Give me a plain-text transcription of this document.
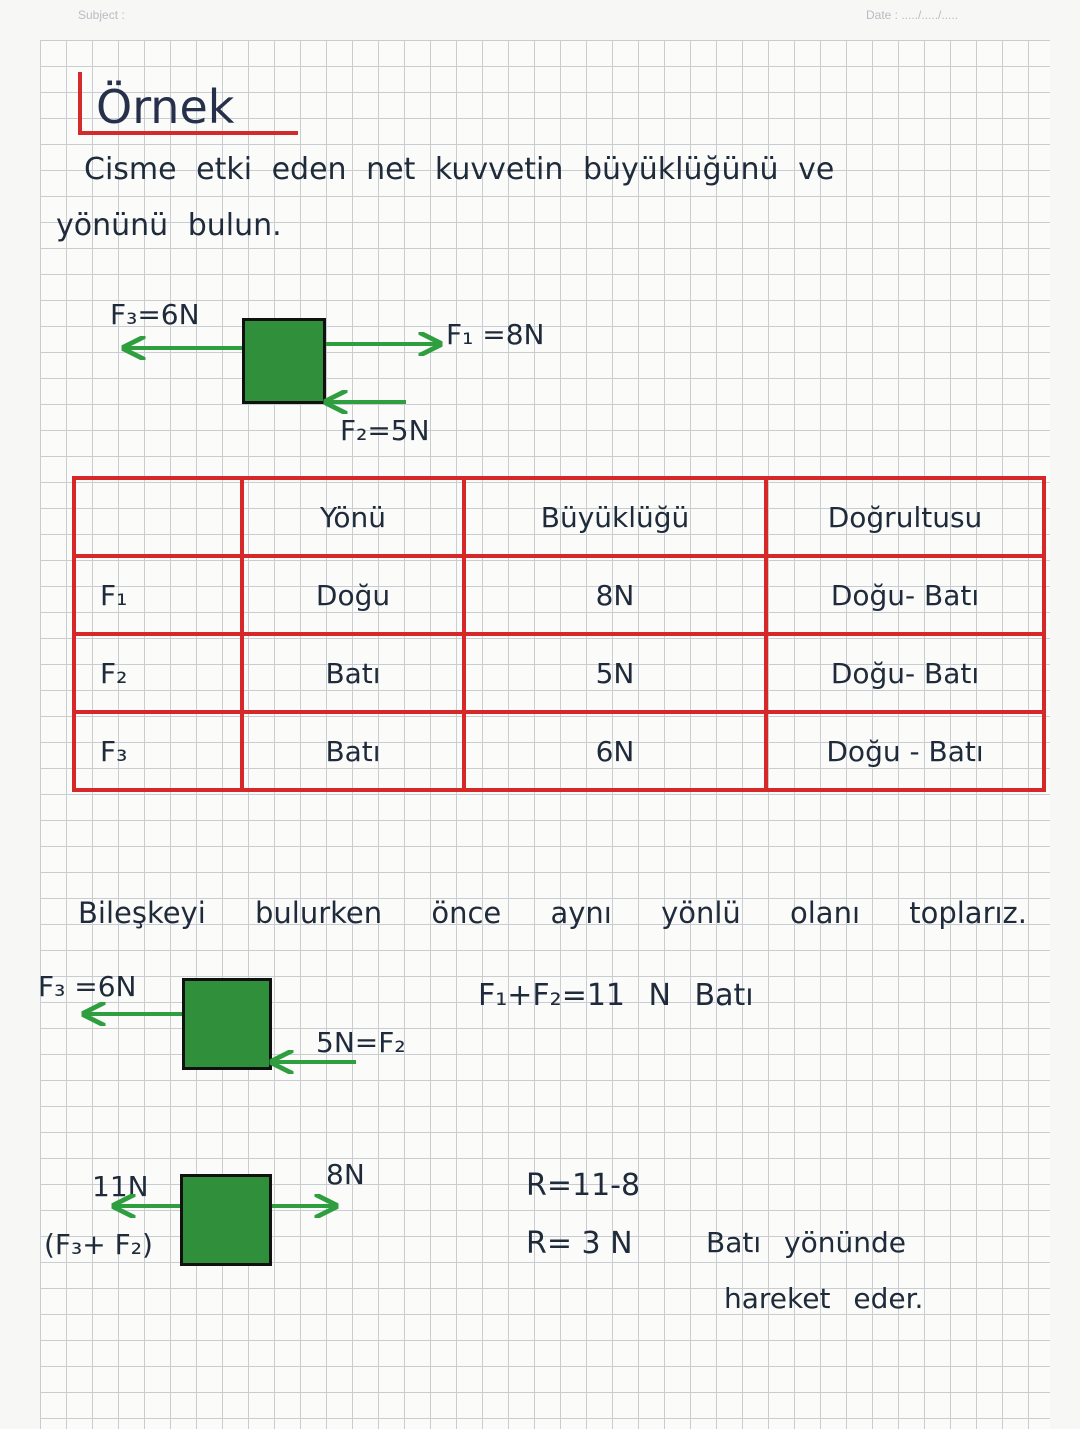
Subject :	Date : ...../...../.....
Örnek
Cisme etki eden net kuvvetin büyüklüğünü ve
yönünü bulun.
F₃=6N
F₁ =8N
F₂=5N
	Yönü	Büyüklüğü	Doğrultusu
F₁	Doğu	8N	Doğu- Batı
F₂	Batı	5N	Doğu- Batı
F₃	Batı	6N	Doğu - Batı
Bileşkeyi bulurken önce aynı yönlü olanı toplarız.
F₃ =6N
5N=F₂
F₁+F₂=11 N Batı
11N
(F₃+ F₂)
8N	R=11-8
R= 3 N	Batı yönünde
hareket eder.
